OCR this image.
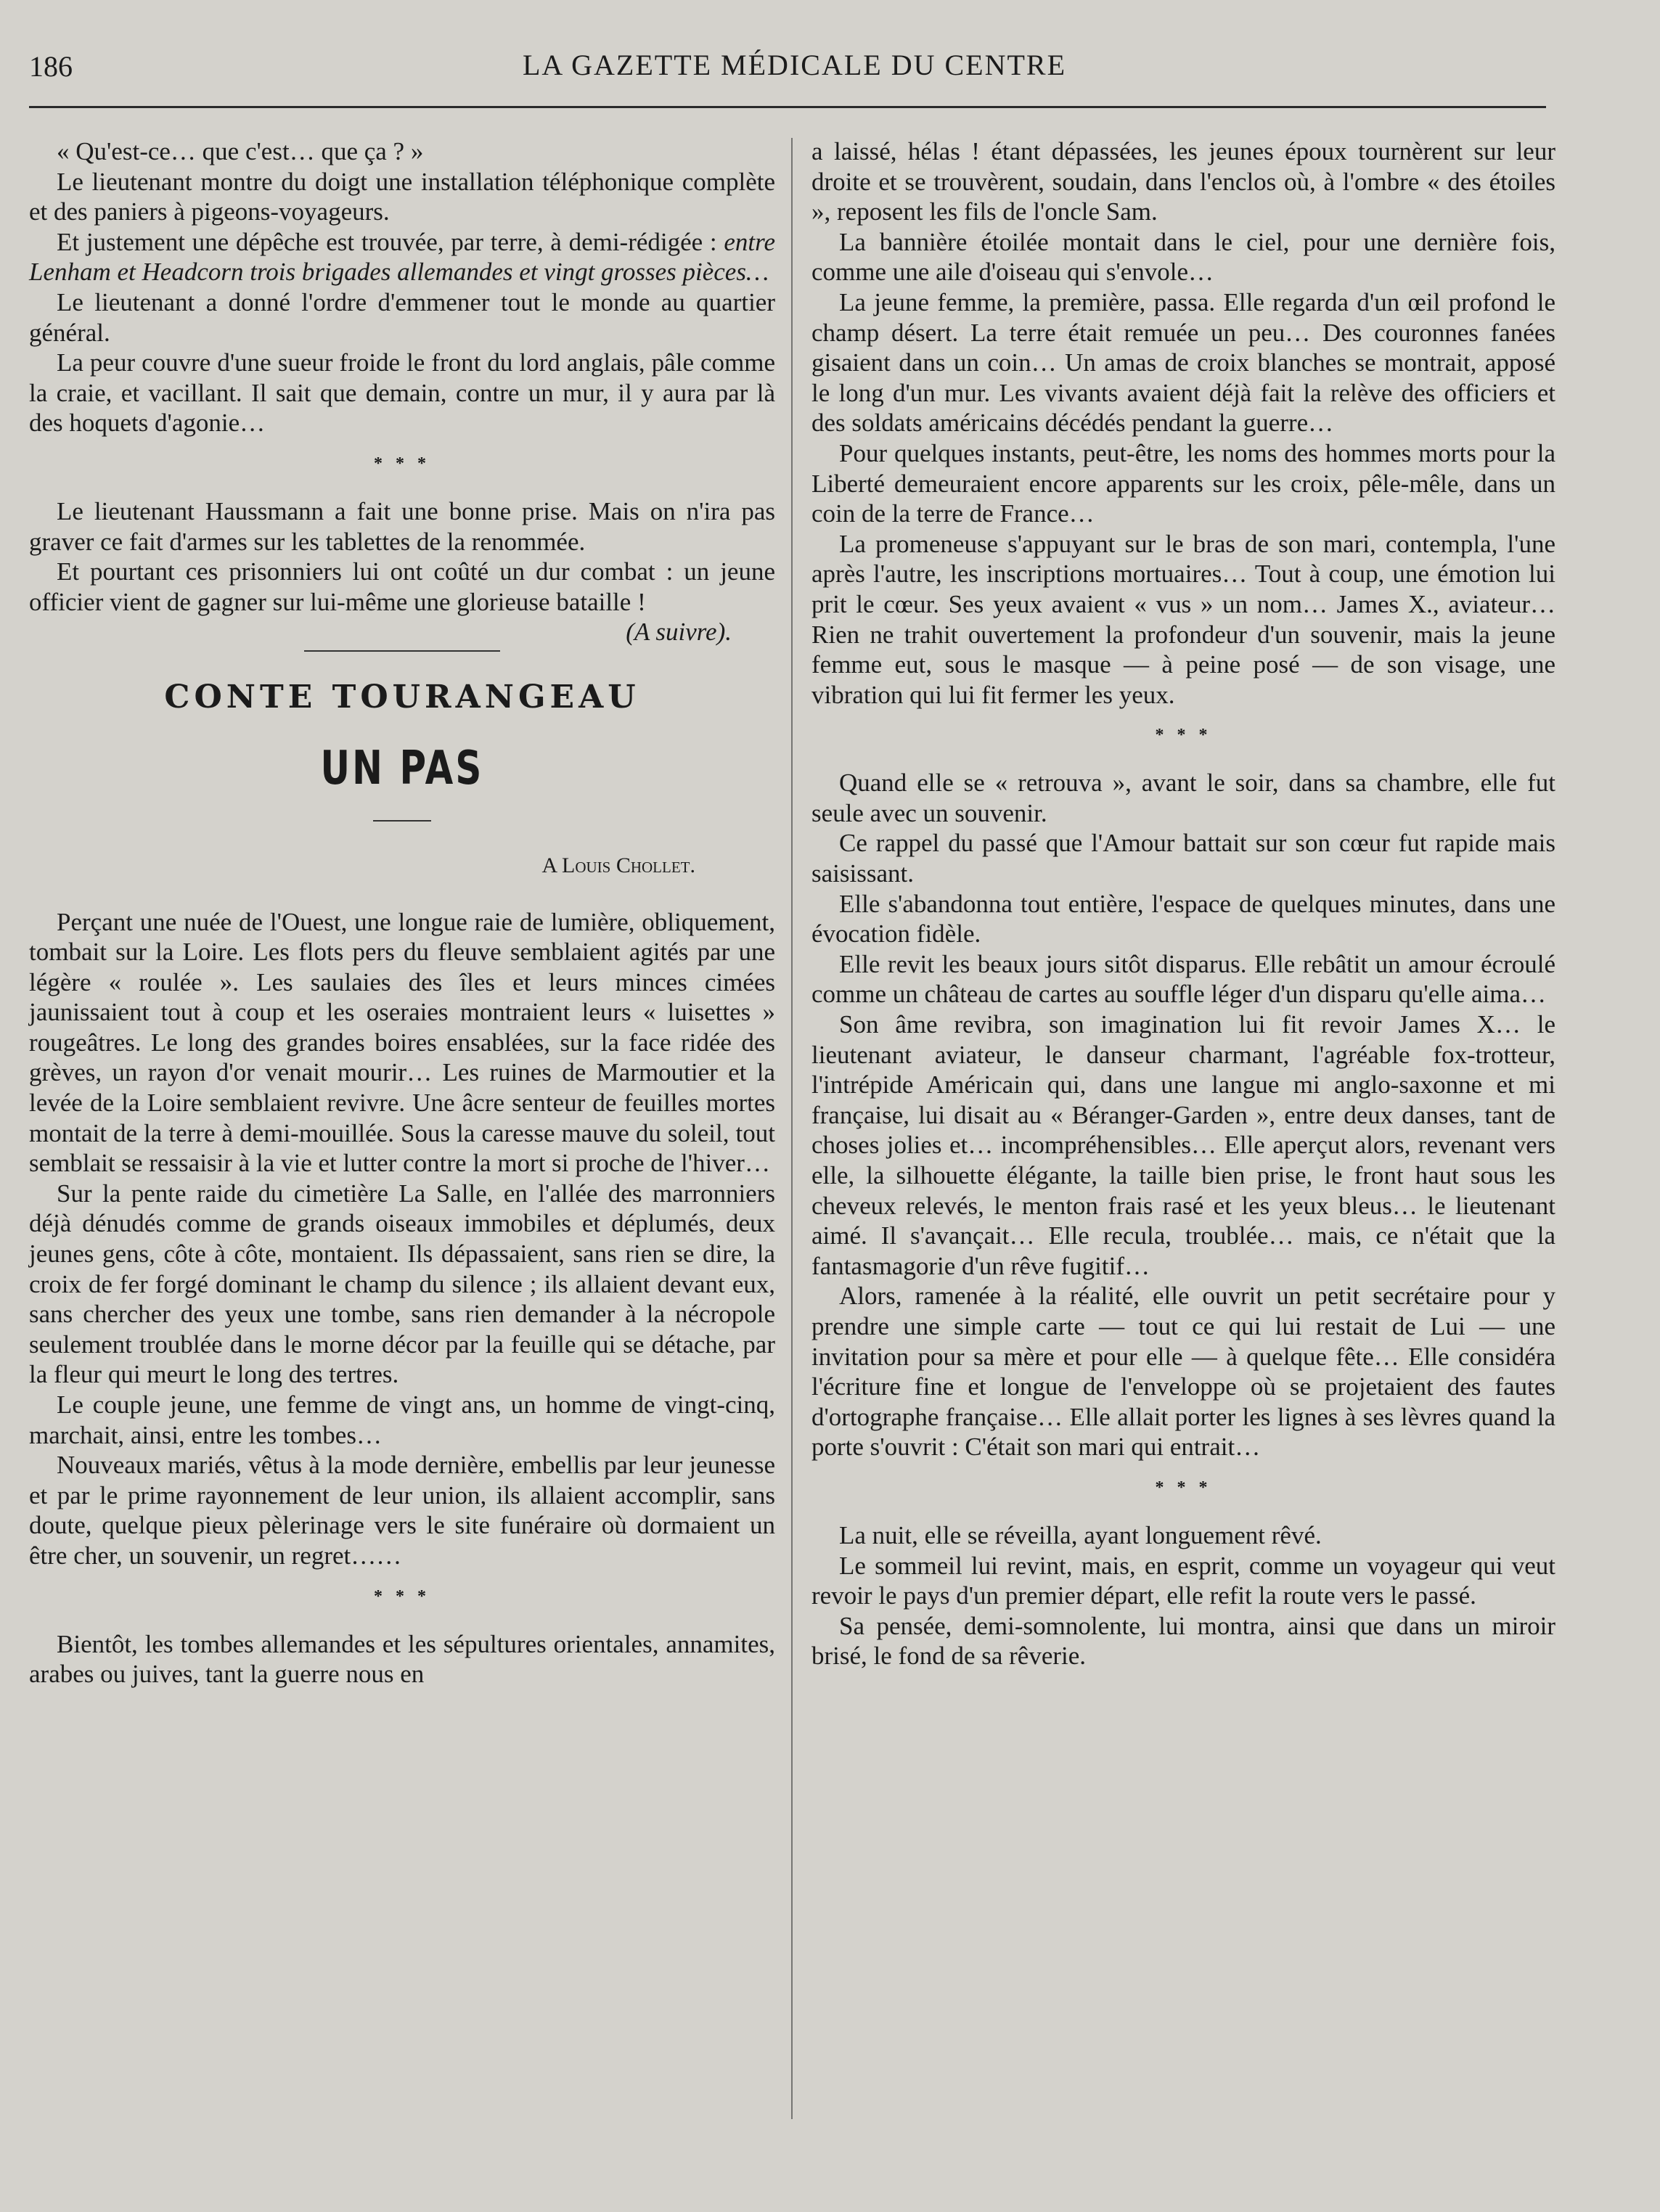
186	LA GAZETTE MÉDICALE DU CENTRE

« Qu'est-ce… que c'est… que ça ? »

Le lieutenant montre du doigt une installation téléphonique complète et des paniers à pigeons-voyageurs.

Et justement une dépêche est trouvée, par terre, à demi-rédigée : entre Lenham et Headcorn trois brigades allemandes et vingt grosses pièces…

Le lieutenant a donné l'ordre d'emmener tout le monde au quartier général.

La peur couvre d'une sueur froide le front du lord anglais, pâle comme la craie, et vacillant. Il sait que demain, contre un mur, il y aura par là des hoquets d'agonie…

* * *

Le lieutenant Haussmann a fait une bonne prise. Mais on n'ira pas graver ce fait d'armes sur les tablettes de la renommée.

Et pourtant ces prisonniers lui ont coûté un dur combat : un jeune officier vient de gagner sur lui-même une glorieuse bataille !
(A suivre).

CONTE TOURANGEAU
UN PAS
A Louis Chollet.

Perçant une nuée de l'Ouest, une longue raie de lumière, obliquement, tombait sur la Loire. Les flots pers du fleuve semblaient agités par une légère « roulée ». Les saulaies des îles et leurs minces cimées jaunissaient tout à coup et les oseraies montraient leurs « luisettes » rougeâtres. Le long des grandes boires ensablées, sur la face ridée des grèves, un rayon d'or venait mourir… Les ruines de Marmoutier et la levée de la Loire semblaient revivre. Une âcre senteur de feuilles mortes montait de la terre à demi-mouillée. Sous la caresse mauve du soleil, tout semblait se ressaisir à la vie et lutter contre la mort si proche de l'hiver…

Sur la pente raide du cimetière La Salle, en l'allée des marronniers déjà dénudés comme de grands oiseaux immobiles et déplumés, deux jeunes gens, côte à côte, montaient. Ils dépassaient, sans rien se dire, la croix de fer forgé dominant le champ du silence ; ils allaient devant eux, sans chercher des yeux une tombe, sans rien demander à la nécropole seulement troublée dans le morne décor par la feuille qui se détache, par la fleur qui meurt le long des tertres.

Le couple jeune, une femme de vingt ans, un homme de vingt-cinq, marchait, ainsi, entre les tombes…

Nouveaux mariés, vêtus à la mode dernière, embellis par leur jeunesse et par le prime rayonnement de leur union, ils allaient accomplir, sans doute, quelque pieux pèlerinage vers le site funéraire où dormaient un être cher, un souvenir, un regret……

* * *

Bientôt, les tombes allemandes et les sépultures orientales, annamites, arabes ou juives, tant la guerre nous en

a laissé, hélas ! étant dépassées, les jeunes époux tournèrent sur leur droite et se trouvèrent, soudain, dans l'enclos où, à l'ombre « des étoiles », reposent les fils de l'oncle Sam.

La bannière étoilée montait dans le ciel, pour une dernière fois, comme une aile d'oiseau qui s'envole…

La jeune femme, la première, passa. Elle regarda d'un œil profond le champ désert. La terre était remuée un peu… Des couronnes fanées gisaient dans un coin… Un amas de croix blanches se montrait, apposé le long d'un mur. Les vivants avaient déjà fait la relève des officiers et des soldats américains décédés pendant la guerre…

Pour quelques instants, peut-être, les noms des hommes morts pour la Liberté demeuraient encore apparents sur les croix, pêle-mêle, dans un coin de la terre de France…

La promeneuse s'appuyant sur le bras de son mari, contempla, l'une après l'autre, les inscriptions mortuaires… Tout à coup, une émotion lui prit le cœur. Ses yeux avaient « vus » un nom… James X., aviateur… Rien ne trahit ouvertement la profondeur d'un souvenir, mais la jeune femme eut, sous le masque — à peine posé — de son visage, une vibration qui lui fit fermer les yeux.

* * *

Quand elle se « retrouva », avant le soir, dans sa chambre, elle fut seule avec un souvenir.

Ce rappel du passé que l'Amour battait sur son cœur fut rapide mais saisissant.

Elle s'abandonna tout entière, l'espace de quelques minutes, dans une évocation fidèle.

Elle revit les beaux jours sitôt disparus. Elle rebâtit un amour écroulé comme un château de cartes au souffle léger d'un disparu qu'elle aima…

Son âme revibra, son imagination lui fit revoir James X… le lieutenant aviateur, le danseur charmant, l'agréable fox-trotteur, l'intrépide Américain qui, dans une langue mi anglo-saxonne et mi française, lui disait au « Béranger-Garden », entre deux danses, tant de choses jolies et… incompréhensibles… Elle aperçut alors, revenant vers elle, la silhouette élégante, la taille bien prise, le front haut sous les cheveux relevés, le menton frais rasé et les yeux bleus… le lieutenant aimé. Il s'avançait… Elle recula, troublée… mais, ce n'était que la fantasmagorie d'un rêve fugitif…

Alors, ramenée à la réalité, elle ouvrit un petit secrétaire pour y prendre une simple carte — tout ce qui lui restait de Lui — une invitation pour sa mère et pour elle — à quelque fête… Elle considéra l'écriture fine et longue de l'enveloppe où se projetaient des fautes d'ortographe française… Elle allait porter les lignes à ses lèvres quand la porte s'ouvrit : C'était son mari qui entrait…

* * *

La nuit, elle se réveilla, ayant longuement rêvé.

Le sommeil lui revint, mais, en esprit, comme un voyageur qui veut revoir le pays d'un premier départ, elle refit la route vers le passé.

Sa pensée, demi-somnolente, lui montra, ainsi que dans un miroir brisé, le fond de sa rêverie.
